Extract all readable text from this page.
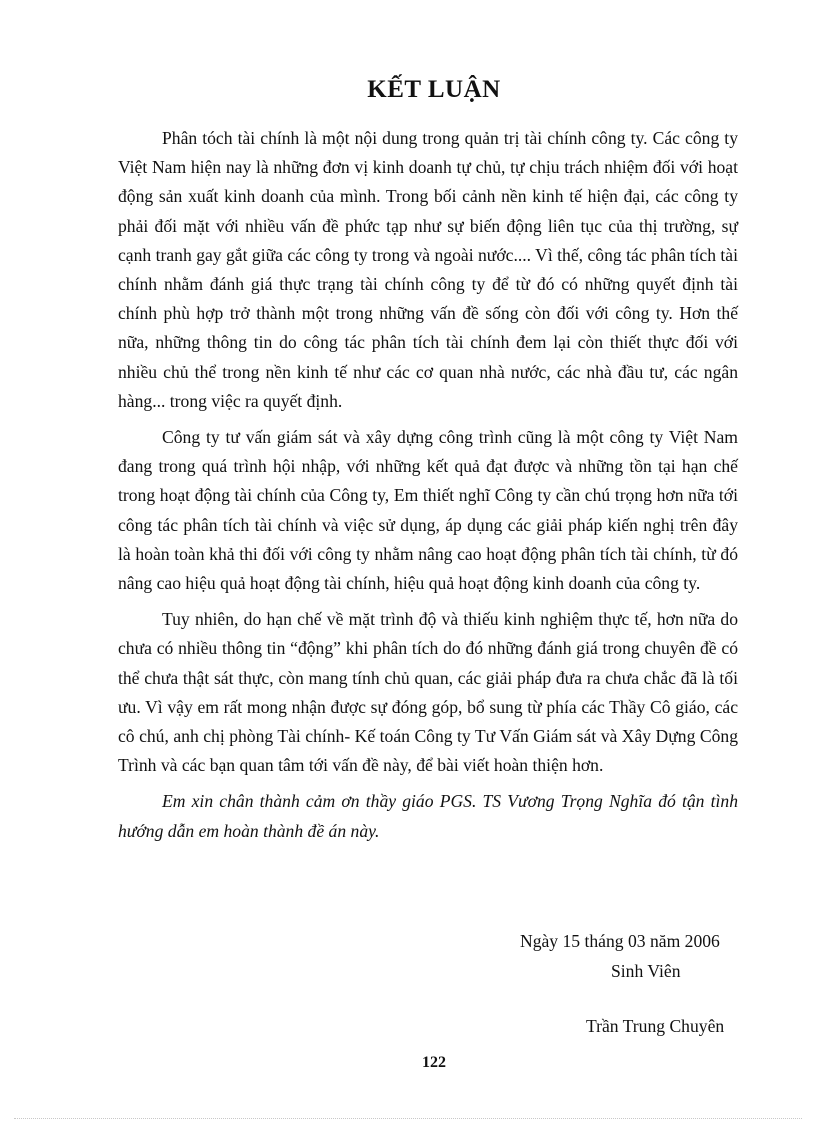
KẾT LUẬN

Phân tóch tài chính là một nội dung trong quản trị tài chính công ty. Các công ty Việt Nam hiện nay là những đơn vị kinh doanh tự chủ, tự chịu trách nhiệm đối với hoạt động sản xuất kinh doanh của mình. Trong bối cảnh nền kinh tế hiện đại, các công ty phải đối mặt với nhiều vấn đề phức tạp như sự biến động liên tục của thị trường, sự cạnh tranh gay gắt giữa các công ty trong và ngoài nước.... Vì thế, công tác phân tích tài chính nhằm đánh giá thực trạng tài chính công ty để từ đó có những quyết định tài chính phù hợp trở thành một trong những vấn đề sống còn đối với công ty. Hơn thế nữa, những thông tin do công tác phân tích tài chính đem lại còn thiết thực đối với nhiều chủ thể trong nền kinh tế như các cơ quan nhà nước, các nhà đầu tư, các ngân hàng... trong việc ra quyết định.

Công ty tư vấn giám sát và xây dựng công trình cũng là một công ty Việt Nam đang trong quá trình hội nhập, với những kết quả đạt được và những tồn tại hạn chế trong hoạt động tài chính của Công ty, Em thiết nghĩ Công ty cần chú trọng hơn nữa tới công tác phân tích tài chính và việc sử dụng, áp dụng các giải pháp kiến nghị trên đây là hoàn toàn khả thi đối với công ty nhằm nâng cao hoạt động phân tích tài chính, từ đó nâng cao hiệu quả hoạt động tài chính, hiệu quả hoạt động kinh doanh của công ty.

Tuy nhiên, do hạn chế về mặt trình độ và thiếu kinh nghiệm thực tế, hơn nữa do chưa có nhiều thông tin “động” khi phân tích do đó những đánh giá trong chuyên đề có thể chưa thật sát thực, còn mang tính chủ quan, các giải pháp đưa ra chưa chắc đã là tối ưu. Vì vậy em rất mong nhận được sự đóng góp, bổ sung từ phía các Thầy Cô giáo, các cô chú, anh chị phòng Tài chính- Kế toán Công ty Tư Vấn Giám sát và Xây Dựng Công Trình và các bạn quan tâm tới vấn đề này, để bài viết hoàn thiện hơn.

Em xin chân thành cảm ơn thầy giáo PGS. TS Vương Trọng Nghĩa đó tận tình hướng dẫn em hoàn thành đề án này.

Ngày 15 tháng 03 năm 2006
Sinh Viên
Trần Trung Chuyên
122
